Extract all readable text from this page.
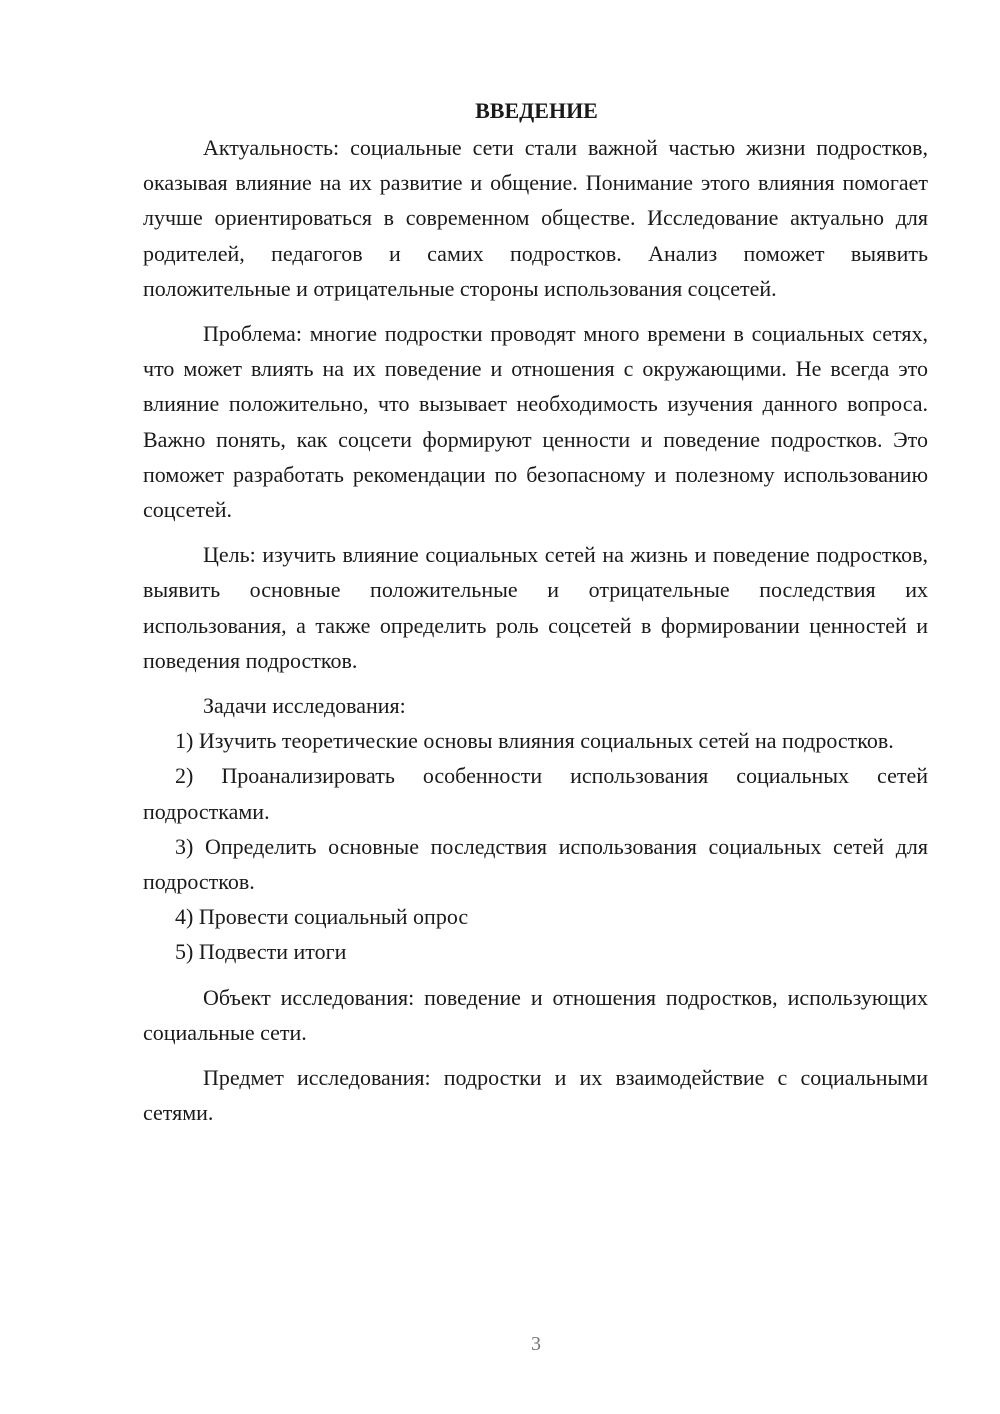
ВВЕДЕНИЕ

Актуальность: социальные сети стали важной частью жизни подростков, оказывая влияние на их развитие и общение. Понимание этого влияния помогает лучше ориентироваться в современном обществе. Исследование актуально для родителей, педагогов и самих подростков. Анализ поможет выявить положительные и отрицательные стороны использования соцсетей.

Проблема: многие подростки проводят много времени в социальных сетях, что может влиять на их поведение и отношения с окружающими. Не всегда это влияние положительно, что вызывает необходимость изучения данного вопроса. Важно понять, как соцсети формируют ценности и поведение подростков. Это поможет разработать рекомендации по безопасному и полезному использованию соцсетей.

Цель: изучить влияние социальных сетей на жизнь и поведение подростков, выявить основные положительные и отрицательные последствия их использования, а также определить роль соцсетей в формировании ценностей и поведения подростков.

Задачи исследования:

1) Изучить теоретические основы влияния социальных сетей на подростков.

2) Проанализировать особенности использования социальных сетей подростками.

3) Определить основные последствия использования социальных сетей для подростков.

4) Провести социальный опрос

5) Подвести итоги

Объект исследования: поведение и отношения подростков, использующих социальные сети.

Предмет исследования: подростки и их взаимодействие с социальными сетями.

3
